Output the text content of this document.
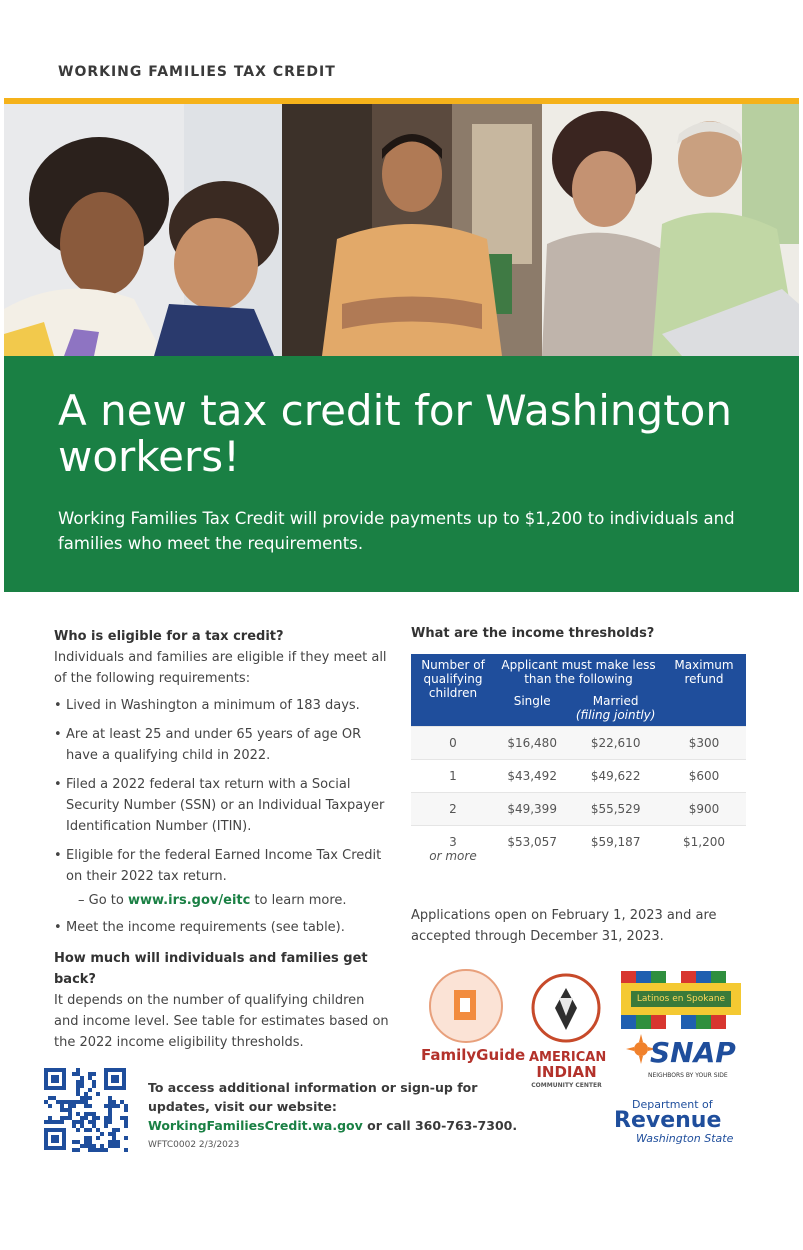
WORKING FAMILIES TAX CREDIT
A new tax credit for Washington workers!

Working Families Tax Credit will provide payments up to $1,200 to individuals and families who meet the requirements.

Who is eligible for a tax credit?
Individuals and families are eligible if they meet all of the following requirements:
• Lived in Washington a minimum of 183 days.
• Are at least 25 and under 65 years of age OR have a qualifying child in 2022.
• Filed a 2022 federal tax return with a Social Security Number (SSN) or an Individual Taxpayer Identification Number (ITIN).
• Eligible for the federal Earned Income Tax Credit on their 2022 tax return.
– Go to www.irs.gov/eitc to learn more.
• Meet the income requirements (see table).
How much will individuals and families get back?
It depends on the number of qualifying children and income level. See table for estimates based on the 2022 income eligibility thresholds.
What are the income thresholds?
Number of qualifying children	Applicant must make less than the following		Maximum refund
	Single	Married
(filing jointly)	
0	$16,480	$22,610	$300
1	$43,492	$49,622	$600
2	$49,399	$55,529	$900
3
or more	$53,057	$59,187	$1,200

Applications open on February 1, 2023 and are accepted through December 31, 2023.

FamilyGuide AMERICAN
INDIAN
COMMUNITY CENTER
Latinos en Spokane
SNAP
NEIGHBORS BY YOUR SIDE
Department of
Revenue
Washington State
To access additional information or sign-up for updates, visit our website: WorkingFamiliesCredit.wa.gov or call 360-763-7300.
WFTC0002 2/3/2023
